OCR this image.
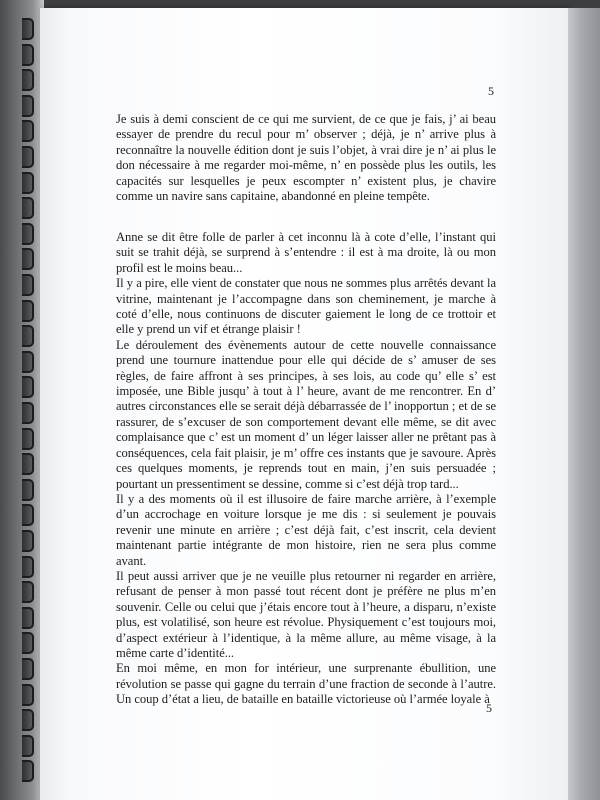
5

Je suis à demi conscient de ce qui me survient, de ce que je fais, j’ ai beau essayer de prendre du recul pour m’ observer ; déjà, je n’ arrive plus à reconnaître la nouvelle édition dont je suis l’objet, à vrai dire je n’ ai plus le don nécessaire à me regarder moi-même, n’ en possède plus les outils, les capacités sur lesquelles je peux escompter n’ existent plus, je chavire comme un navire sans capitaine, abandonné en pleine tempête.

Anne se dit être folle de parler à cet inconnu là à cote d’elle, l’instant qui suit se trahit déjà, se surprend à s’entendre : il est à ma droite, là ou mon profil est le moins beau...

Il y a pire, elle vient de constater que nous ne sommes plus arrêtés devant la vitrine, maintenant je l’accompagne dans son cheminement, je marche à coté d’elle, nous continuons de discuter gaiement le long de ce trottoir et elle y prend un vif et étrange plaisir !

Le déroulement des évènements autour de cette nouvelle connaissance prend une tournure inattendue pour elle qui décide de s’ amuser de ses règles, de faire affront à ses principes, à ses lois, au code qu’ elle s’ est imposée, une Bible jusqu’ à tout à l’ heure, avant de me rencontrer. En d’ autres circonstances elle se serait déjà débarrassée de l’ inopportun ; et de se rassurer, de s’excuser de son comportement devant elle même, se dit avec complaisance que c’ est un moment d’ un léger laisser aller ne prêtant pas à conséquences, cela fait plaisir, je m’ offre ces instants que je savoure. Après ces quelques moments, je reprends tout en main, j’en suis persuadée ; pourtant un pressentiment se dessine, comme si c’est déjà trop tard...

Il y a des moments où il est illusoire de faire marche arrière, à l’exemple d’un accrochage en voiture lorsque je me dis : si seulement je pouvais revenir une minute en arrière ; c’est déjà fait, c’est inscrit, cela devient maintenant partie intégrante de mon histoire, rien ne sera plus comme avant.

Il peut aussi arriver que je ne veuille plus retourner ni regarder en arrière, refusant de penser à mon passé tout récent dont je préfère ne plus m’en souvenir. Celle ou celui que j’étais encore tout à l’heure, a disparu, n’existe plus, est volatilisé, son heure est révolue. Physiquement c’est toujours moi, d’aspect extérieur à l’identique, à la même allure, au même visage, à la même carte d’identité...

En moi même, en mon for intérieur, une surprenante ébullition, une révolution se passe qui gagne du terrain d’une fraction de seconde à l’autre. Un coup d’état a lieu, de bataille en bataille victorieuse où l’armée loyale à

5
